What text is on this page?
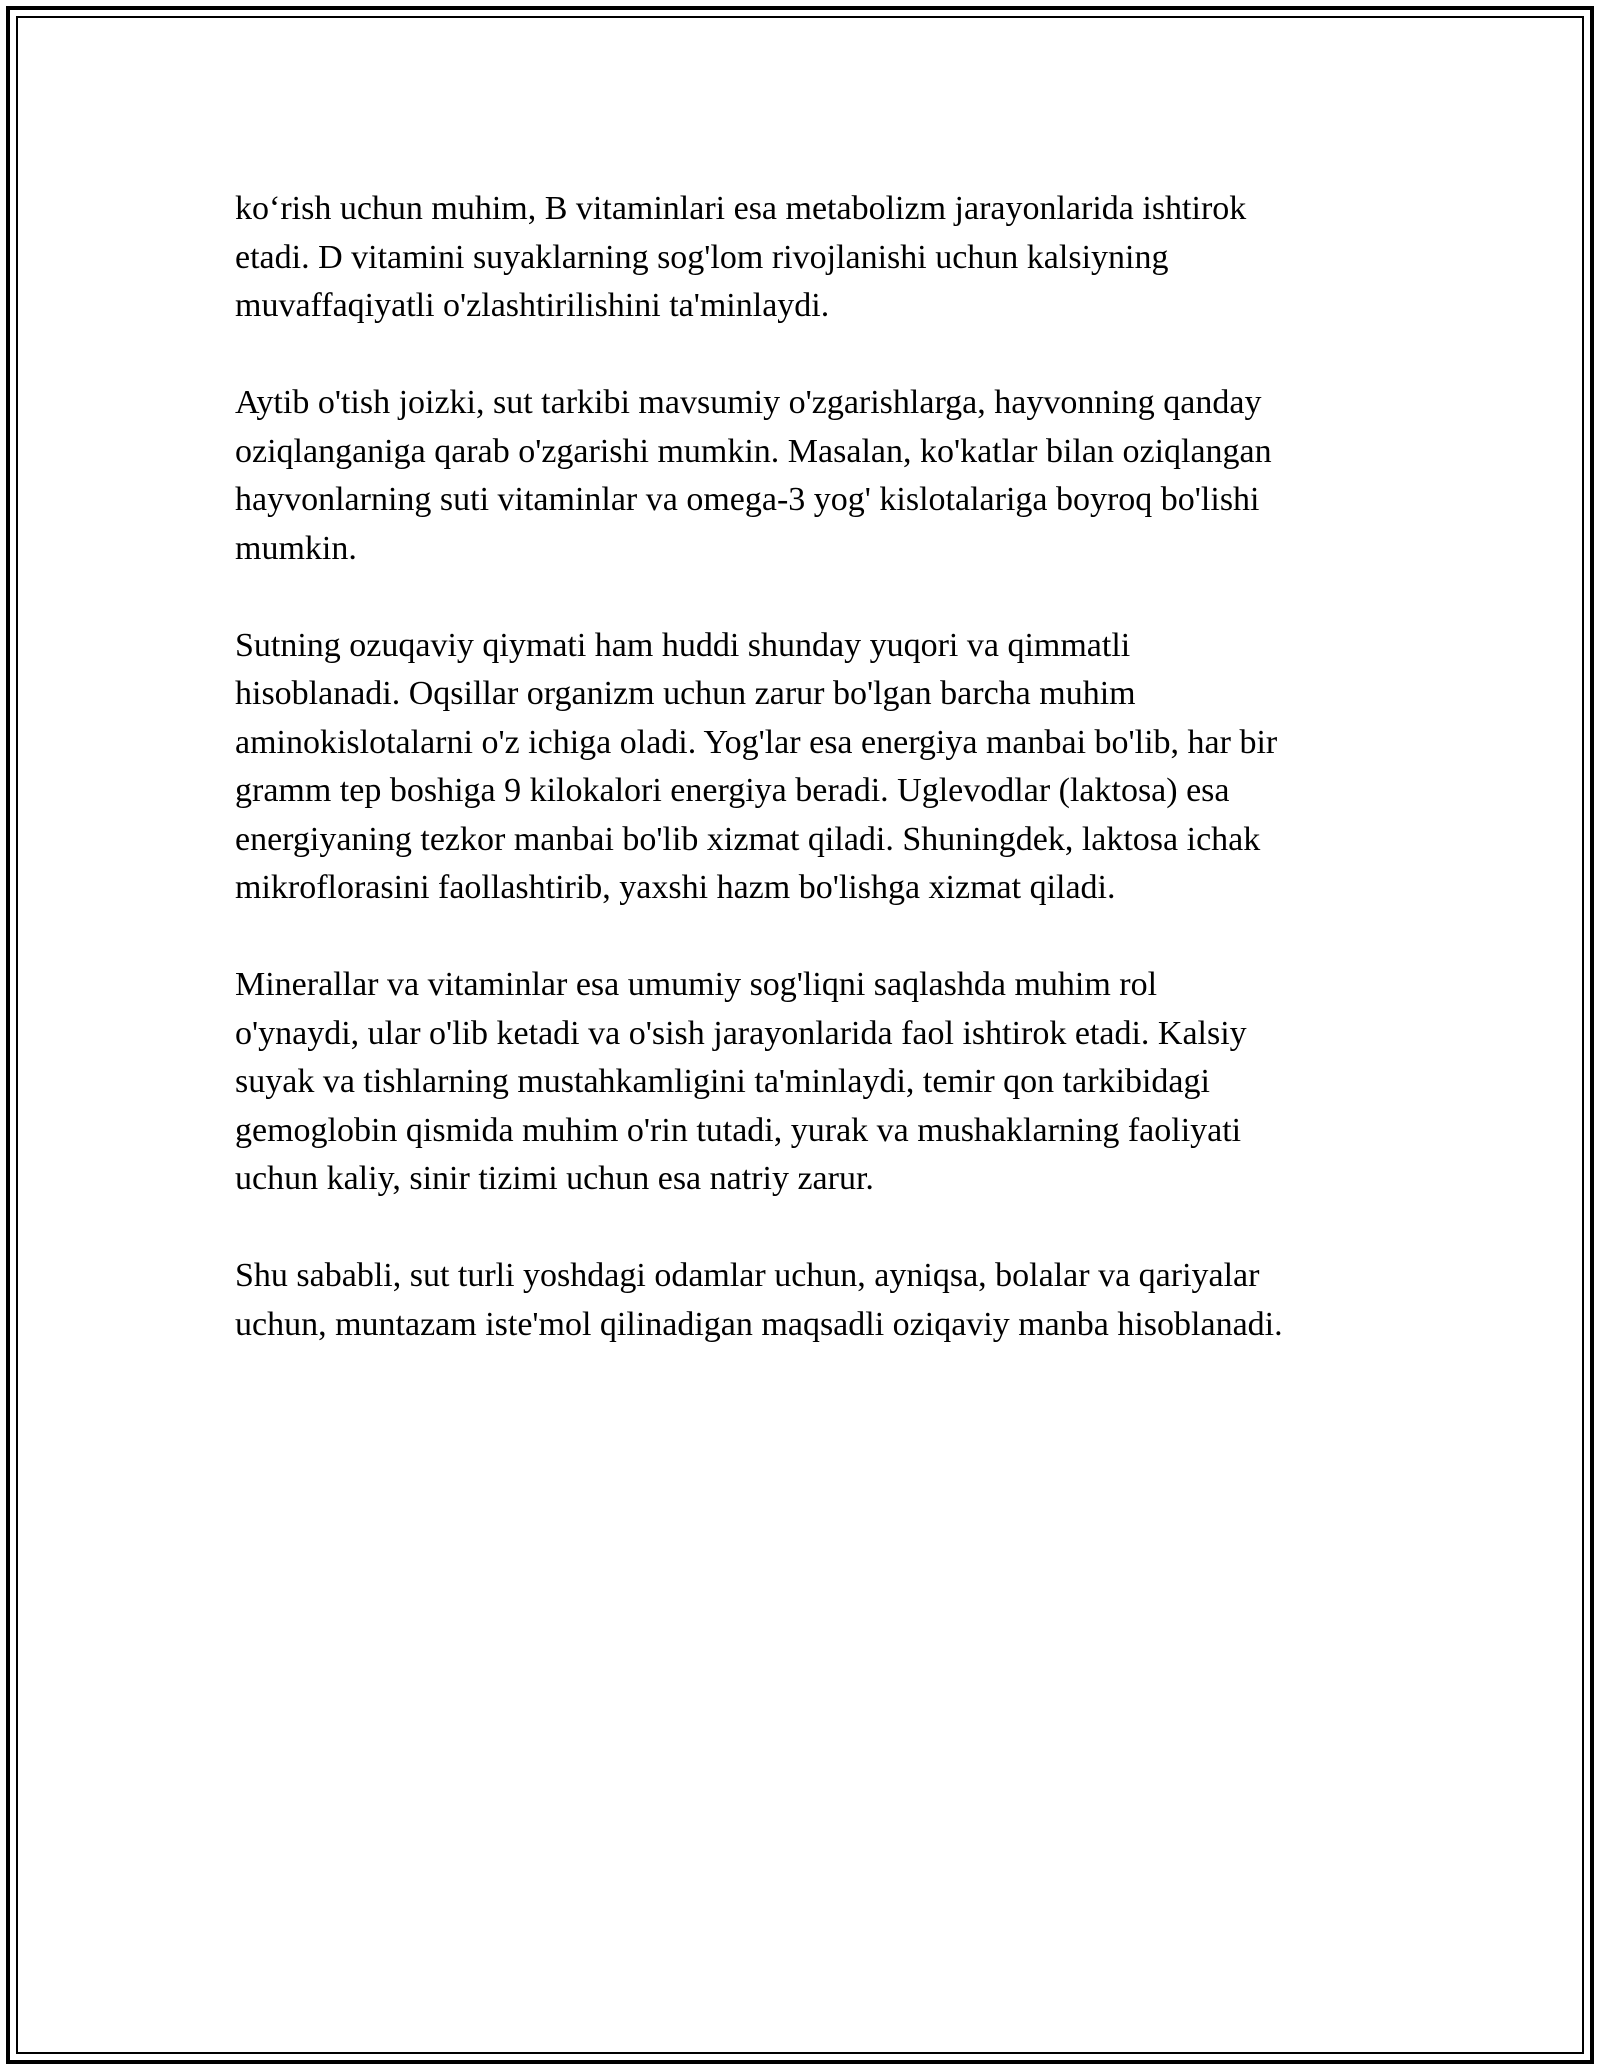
ko‘rish uchun muhim, B vitaminlari esa metabolizm jarayonlarida ishtirok
etadi. D vitamini suyaklarning sog'lom rivojlanishi uchun kalsiyning
muvaffaqiyatli o'zlashtirilishini ta'minlaydi.

Aytib o'tish joizki, sut tarkibi mavsumiy o'zgarishlarga, hayvonning qanday
oziqlanganiga qarab o'zgarishi mumkin. Masalan, ko'katlar bilan oziqlangan
hayvonlarning suti vitaminlar va omega-3 yog' kislotalariga boyroq bo'lishi
mumkin.

Sutning ozuqaviy qiymati ham huddi shunday yuqori va qimmatli
hisoblanadi. Oqsillar organizm uchun zarur bo'lgan barcha muhim
aminokislotalarni o'z ichiga oladi. Yog'lar esa energiya manbai bo'lib, har bir
gramm tep boshiga 9 kilokalori energiya beradi. Uglevodlar (laktosa) esa
energiyaning tezkor manbai bo'lib xizmat qiladi. Shuningdek, laktosa ichak
mikroflorasini faollashtirib, yaxshi hazm bo'lishga xizmat qiladi.

Minerallar va vitaminlar esa umumiy sog'liqni saqlashda muhim rol
o'ynaydi, ular o'lib ketadi va o'sish jarayonlarida faol ishtirok etadi. Kalsiy
suyak va tishlarning mustahkamligini ta'minlaydi, temir qon tarkibidagi
gemoglobin qismida muhim o'rin tutadi, yurak va mushaklarning faoliyati
uchun kaliy, sinir tizimi uchun esa natriy zarur.

Shu sababli, sut turli yoshdagi odamlar uchun, ayniqsa, bolalar va qariyalar
uchun, muntazam iste'mol qilinadigan maqsadli oziqaviy manba hisoblanadi.
